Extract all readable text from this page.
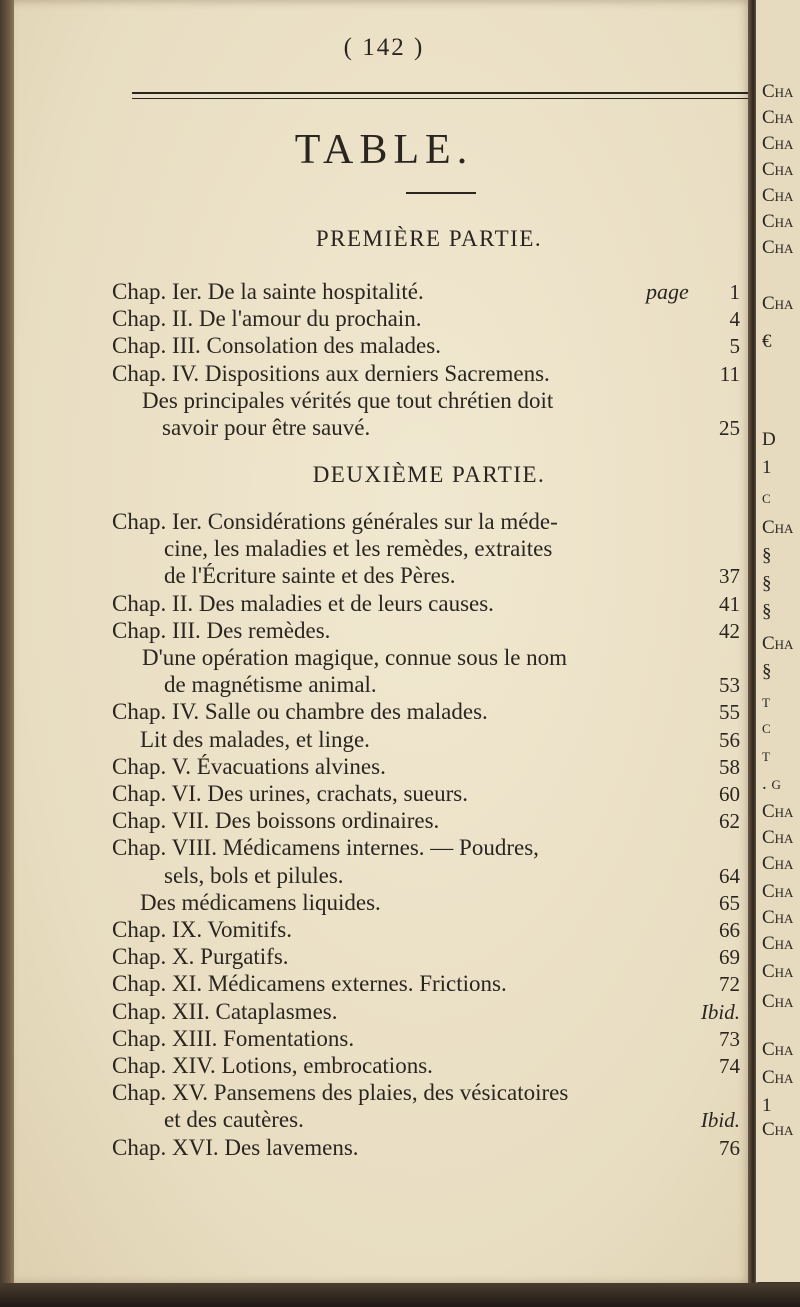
( 142 )
TABLE.
PREMIÈRE PARTIE.
page
Chap. Ier. De la sainte hospitalité.	1
Chap. II. De l'amour du prochain.	4
Chap. III. Consolation des malades.	5
Chap. IV. Dispositions aux derniers Sacremens.	11
Des principales vérités que tout chrétien doit
savoir pour être sauvé.	25
DEUXIÈME PARTIE.
Chap. Ier. Considérations générales sur la méde-
cine, les maladies et les remèdes, extraites
de l'Écriture sainte et des Pères.	37
Chap. II. Des maladies et de leurs causes.	41
Chap. III. Des remèdes.	42
D'une opération magique, connue sous le nom
de magnétisme animal.	53
Chap. IV. Salle ou chambre des malades.	55
Lit des malades, et linge.	56
Chap. V. Évacuations alvines.	58
Chap. VI. Des urines, crachats, sueurs.	60
Chap. VII. Des boissons ordinaires.	62
Chap. VIII. Médicamens internes. — Poudres,
sels, bols et pilules.	64
Des médicamens liquides.	65
Chap. IX. Vomitifs.	66
Chap. X. Purgatifs.	69
Chap. XI. Médicamens externes. Frictions.	72
Chap. XII. Cataplasmes.	Ibid.
Chap. XIII. Fomentations.	73
Chap. XIV. Lotions, embrocations.	74
Chap. XV. Pansemens des plaies, des vésicatoires
et des cautères.	Ibid.
Chap. XVI. Des lavemens.	76
Cha
Cha
Cha
Cha
Cha
Cha
Cha
Cha
€
D
1
c
Cha
§
§
§
Cha
§
t
c
t
. g
Cha
Cha
Cha
Cha
Cha
Cha
Cha
Cha
Cha
Cha
1
Cha
